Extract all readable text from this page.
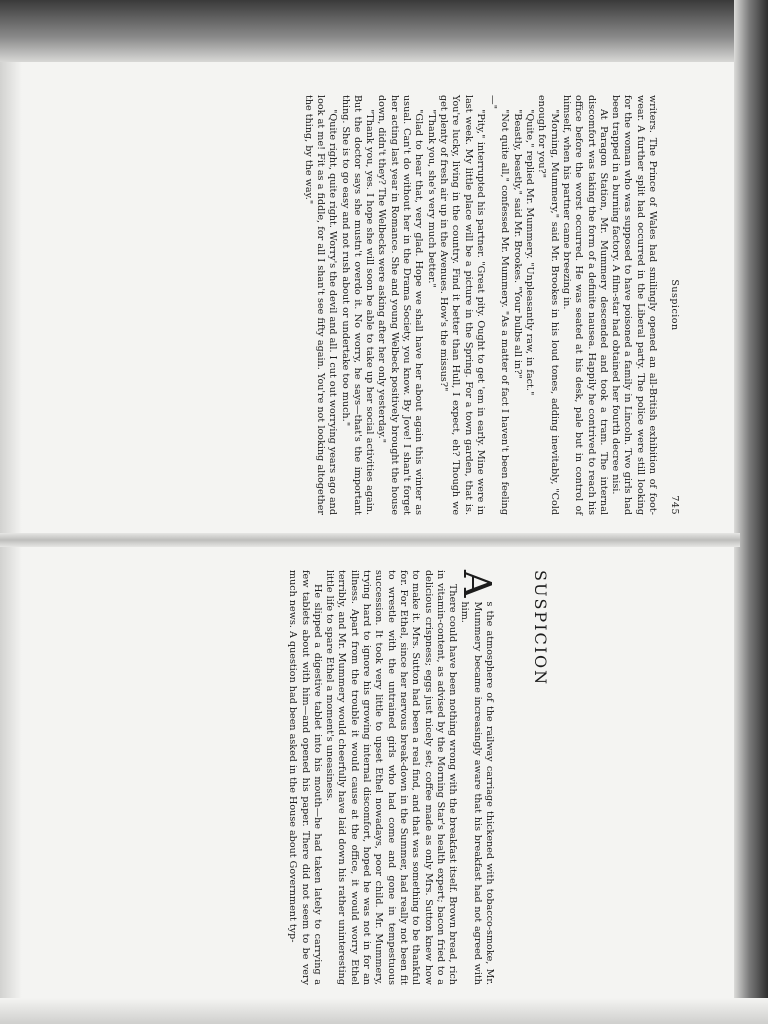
Suspicion
745

writers. The Prince of Wales had smilingly opened an all-British exhibition of foot-wear. A further split had occurred in the Liberal party. The police were still looking for the woman who was supposed to have poisoned a family in Lincoln. Two girls had been trapped in a burning factory. A film-star had obtained her fourth decree nisi.

At Paragon Station, Mr. Mummery descended and took a tram. The internal discomfort was taking the form of a definite nausea. Happily he contrived to reach his office before the worst occurred. He was seated at his desk, pale but in control of himself, when his partner came breezing in.

"Morning, Mummery," said Mr. Brookes in his loud tones, adding inevitably, "Cold enough for you?"

"Quite," replied Mr. Mummery. "Unpleasantly raw, in fact."

"Beastly, beastly," said Mr. Brookes. "Your bulbs all in?"

"Not quite all," confessed Mr. Mummery. "As a matter of fact I haven't been feeling—"

"Pity," interrupted his partner. "Great pity. Ought to get 'em in early. Mine were in last week. My little place will be a picture in the Spring. For a town garden, that is. You're lucky, living in the country. Find it better than Hull, I expect, eh? Though we get plenty of fresh air up in the Avenues. How's the missus?"

"Thank you, she's very much better."

"Glad to hear that, very glad. Hope we shall have her about again this winter as usual. Can't do without her in the Drama Society, you know. By Jove! I shan't forget her acting last year in Romance. She and young Welbeck positively brought the house down, didn't they? The Welbecks were asking after her only yesterday."

"Thank you, yes. I hope she will soon be able to take up her social activities again. But the doctor says she mustn't overdo it. No worry, he says—that's the important thing. She is to go easy and not rush about or undertake too much."

"Quite right, quite right. Worry's the devil and all. I cut out worrying years ago and look at me! Fit as a fiddle, for all I shan't see fifty again. You're not looking altogether the thing, by the way."

SUSPICION

A
s the atmosphere of the railway carriage thickened with tobacco-smoke, Mr. Mummery became increasingly aware that his breakfast had not agreed with him.

There could have been nothing wrong with the breakfast itself. Brown bread, rich in vitamin-content, as advised by the Morning Star's health expert; bacon fried to a delicious crispness; eggs just nicely set; coffee made as only Mrs. Sutton knew how to make it. Mrs. Sutton had been a real find, and that was something to be thankful for. For Ethel, since her nervous break-down in the Summer, had really not been fit to wrestle with the untrained girls who had come and gone in tempestuous succession. It took very little to upset Ethel nowadays, poor child. Mr. Mummery, trying hard to ignore his growing internal discomfort, hoped he was not in for an illness. Apart from the trouble it would cause at the office, it would worry Ethel terribly, and Mr. Mummery would cheerfully have laid down his rather uninteresting little life to spare Ethel a moment's uneasiness.

He slipped a digestive tablet into his mouth—he had taken lately to carrying a few tablets about with him—and opened his paper. There did not seem to be very much news. A question had been asked in the House about Government typ-
